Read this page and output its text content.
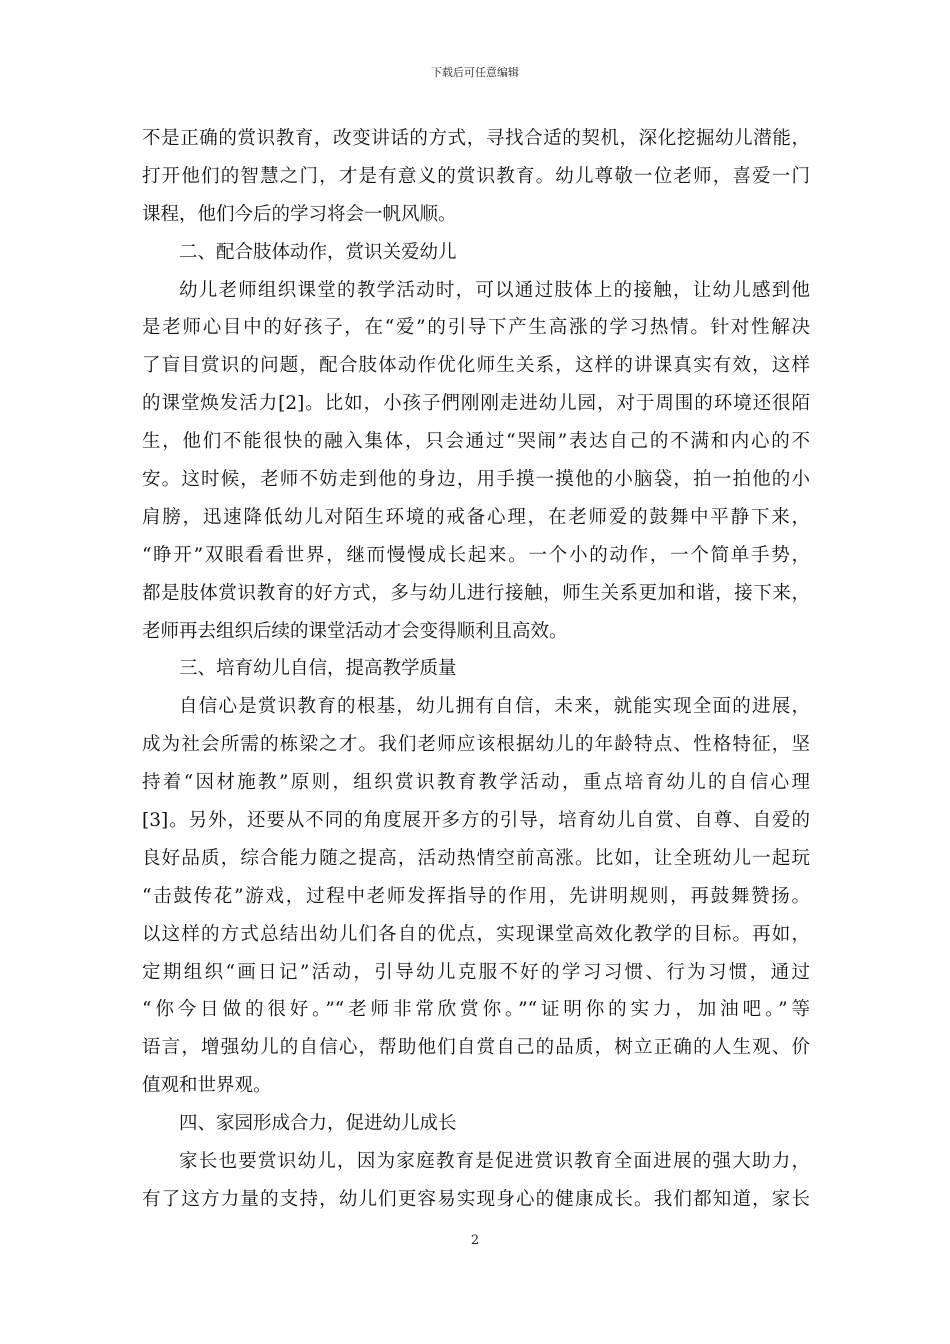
下载后可任意编辑
不是正确的赏识教育，改变讲话的方式，寻找合适的契机，深化挖掘幼儿潜能，
打开他们的智慧之门，才是有意义的赏识教育。幼儿尊敬一位老师，喜爱一门
课程，他们今后的学习将会一帆风顺。
二、配合肢体动作，赏识关爱幼儿
幼儿老师组织课堂的教学活动时，可以通过肢体上的接触，让幼儿感到他
是老师心目中的好孩子，在“爱”的引导下产生高涨的学习热情。针对性解决
了盲目赏识的问题，配合肢体动作优化师生关系，这样的讲课真实有效，这样
的课堂焕发活力[2]。比如，小孩子們刚刚走进幼儿园，对于周围的环境还很陌
生，他们不能很快的融入集体，只会通过“哭闹”表达自己的不满和内心的不
安。这时候，老师不妨走到他的身边，用手摸一摸他的小脑袋，拍一拍他的小
肩膀，迅速降低幼儿对陌生环境的戒备心理，在老师爱的鼓舞中平静下来，
“睁开”双眼看看世界，继而慢慢成长起来。一个小的动作，一个简单手势，
都是肢体赏识教育的好方式，多与幼儿进行接触，师生关系更加和谐，接下来，
老师再去组织后续的课堂活动才会变得顺利且高效。
三、培育幼儿自信，提高教学质量
自信心是赏识教育的根基，幼儿拥有自信，未来，就能实现全面的进展，
成为社会所需的栋梁之才。我们老师应该根据幼儿的年龄特点、性格特征，坚
持着“因材施教”原则，组织赏识教育教学活动，重点培育幼儿的自信心理
[3]。另外，还要从不同的角度展开多方的引导，培育幼儿自赏、自尊、自爱的
良好品质，综合能力随之提高，活动热情空前高涨。比如，让全班幼儿一起玩
“击鼓传花”游戏，过程中老师发挥指导的作用，先讲明规则，再鼓舞赞扬。
以这样的方式总结出幼儿们各自的优点，实现课堂高效化教学的目标。再如，
定期组织“画日记”活动，引导幼儿克服不好的学习习惯、行为习惯，通过
“你今日做的很好。”“老师非常欣赏你。”“证明你的实力，加油吧。”等
语言，增强幼儿的自信心，帮助他们自赏自己的品质，树立正确的人生观、价
值观和世界观。
四、家园形成合力，促进幼儿成长
家长也要赏识幼儿，因为家庭教育是促进赏识教育全面进展的强大助力，
有了这方力量的支持，幼儿们更容易实现身心的健康成长。我们都知道，家长
2
